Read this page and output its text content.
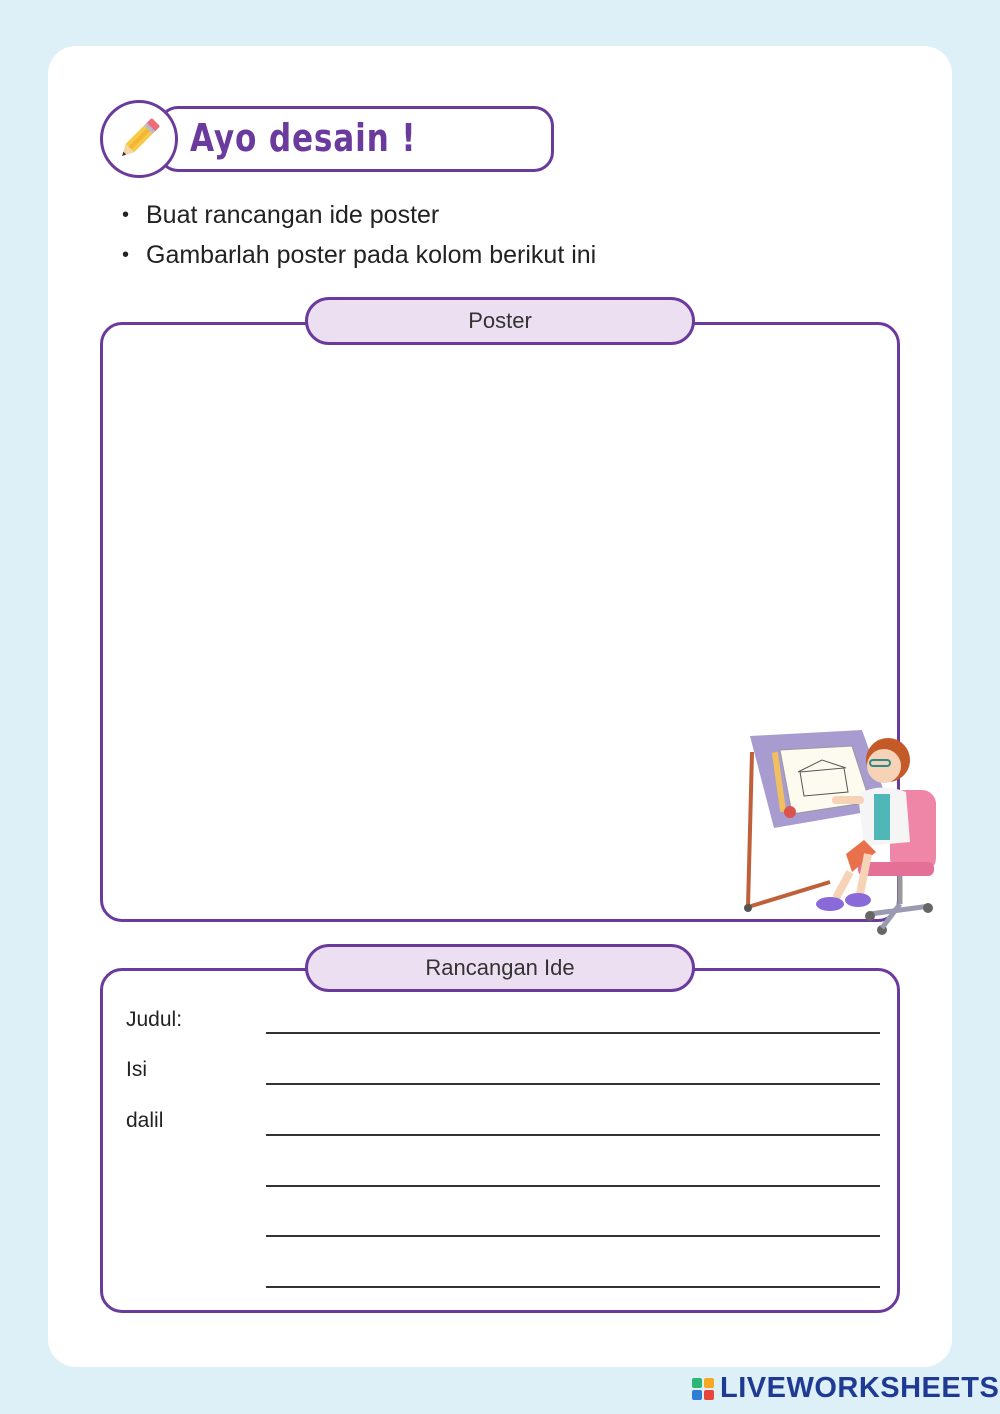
Ayo desain !
• Buat rancangan ide poster
• Gambarlah poster pada kolom berikut ini
Poster
Rancangan Ide
Judul:
Isi
dalil
LIVEWORKSHEETS
